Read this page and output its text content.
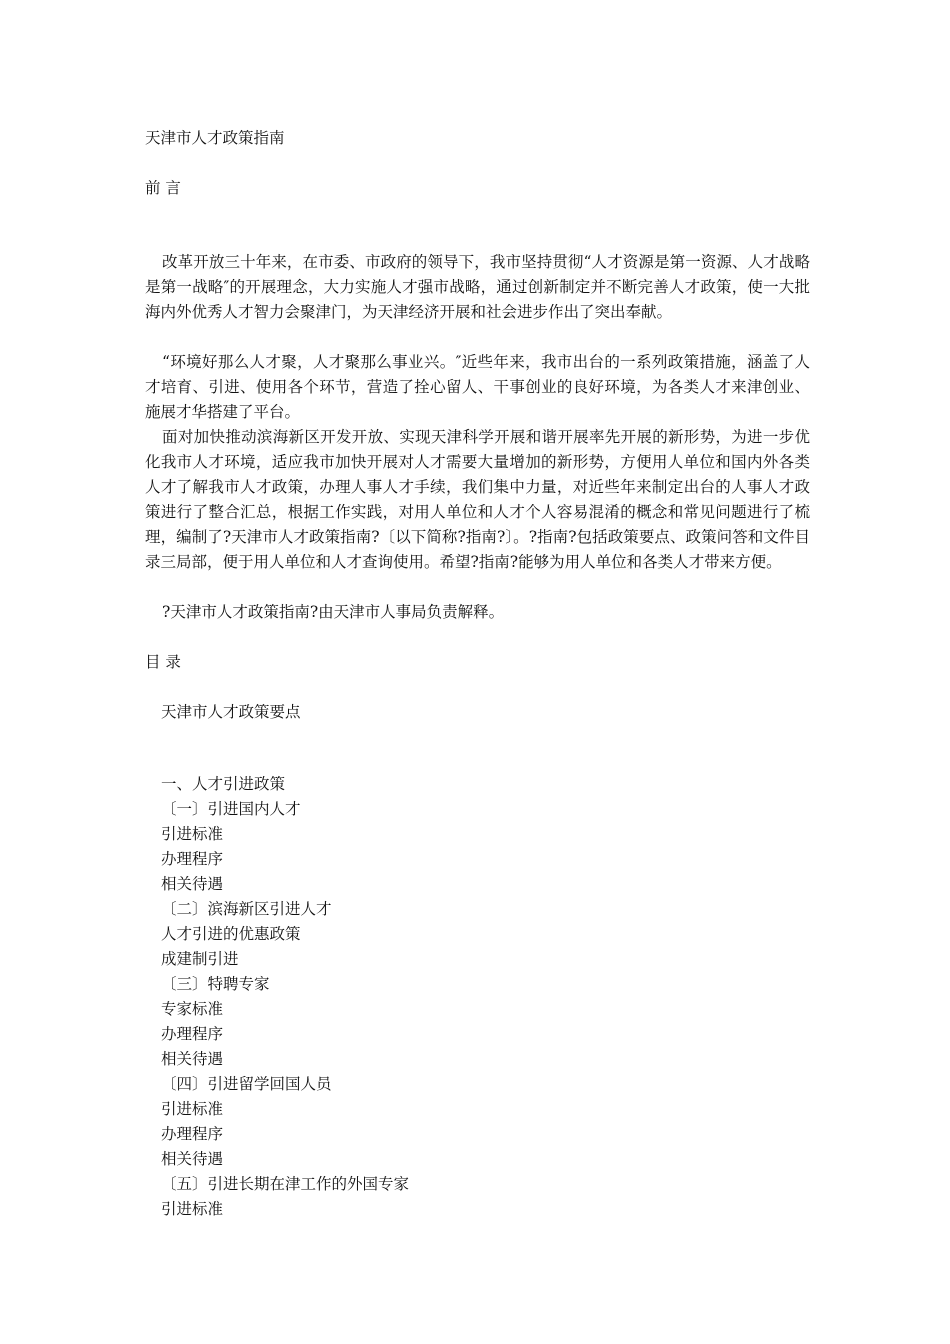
天津市人才政策指南
前 言

改革开放三十年来，在市委、市政府的领导下，我市坚持贯彻“人才资源是第一资源、人才战略是第一战略″的开展理念，大力实施人才强市战略，通过创新制定并不断完善人才政策，使一大批海内外优秀人才智力会聚津门，为天津经济开展和社会进步作出了突出奉献。

“环境好那么人才聚，人才聚那么事业兴。″近些年来，我市出台的一系列政策措施，涵盖了人才培育、引进、使用各个环节，营造了拴心留人、干事创业的良好环境，为各类人才来津创业、施展才华搭建了平台。

面对加快推动滨海新区开发开放、实现天津科学开展和谐开展率先开展的新形势，为进一步优化我市人才环境，适应我市加快开展对人才需要大量增加的新形势，方便用人单位和国内外各类人才了解我市人才政策，办理人事人才手续，我们集中力量，对近些年来制定出台的人事人才政策进行了整合汇总，根据工作实践，对用人单位和人才个人容易混淆的概念和常见问题进行了梳理，编制了?天津市人才政策指南?〔以下简称?指南?〕。?指南?包括政策要点、政策问答和文件目录三局部，便于用人单位和人才查询使用。希望?指南?能够为用人单位和各类人才带来方便。

?天津市人才政策指南?由天津市人事局负责解释。

目 录
天津市人才政策要点
一、人才引进政策
〔一〕引进国内人才
引进标准
办理程序
相关待遇
〔二〕滨海新区引进人才
人才引进的优惠政策
成建制引进
〔三〕特聘专家
专家标准
办理程序
相关待遇
〔四〕引进留学回国人员
引进标准
办理程序
相关待遇
〔五〕引进长期在津工作的外国专家
引进标准
